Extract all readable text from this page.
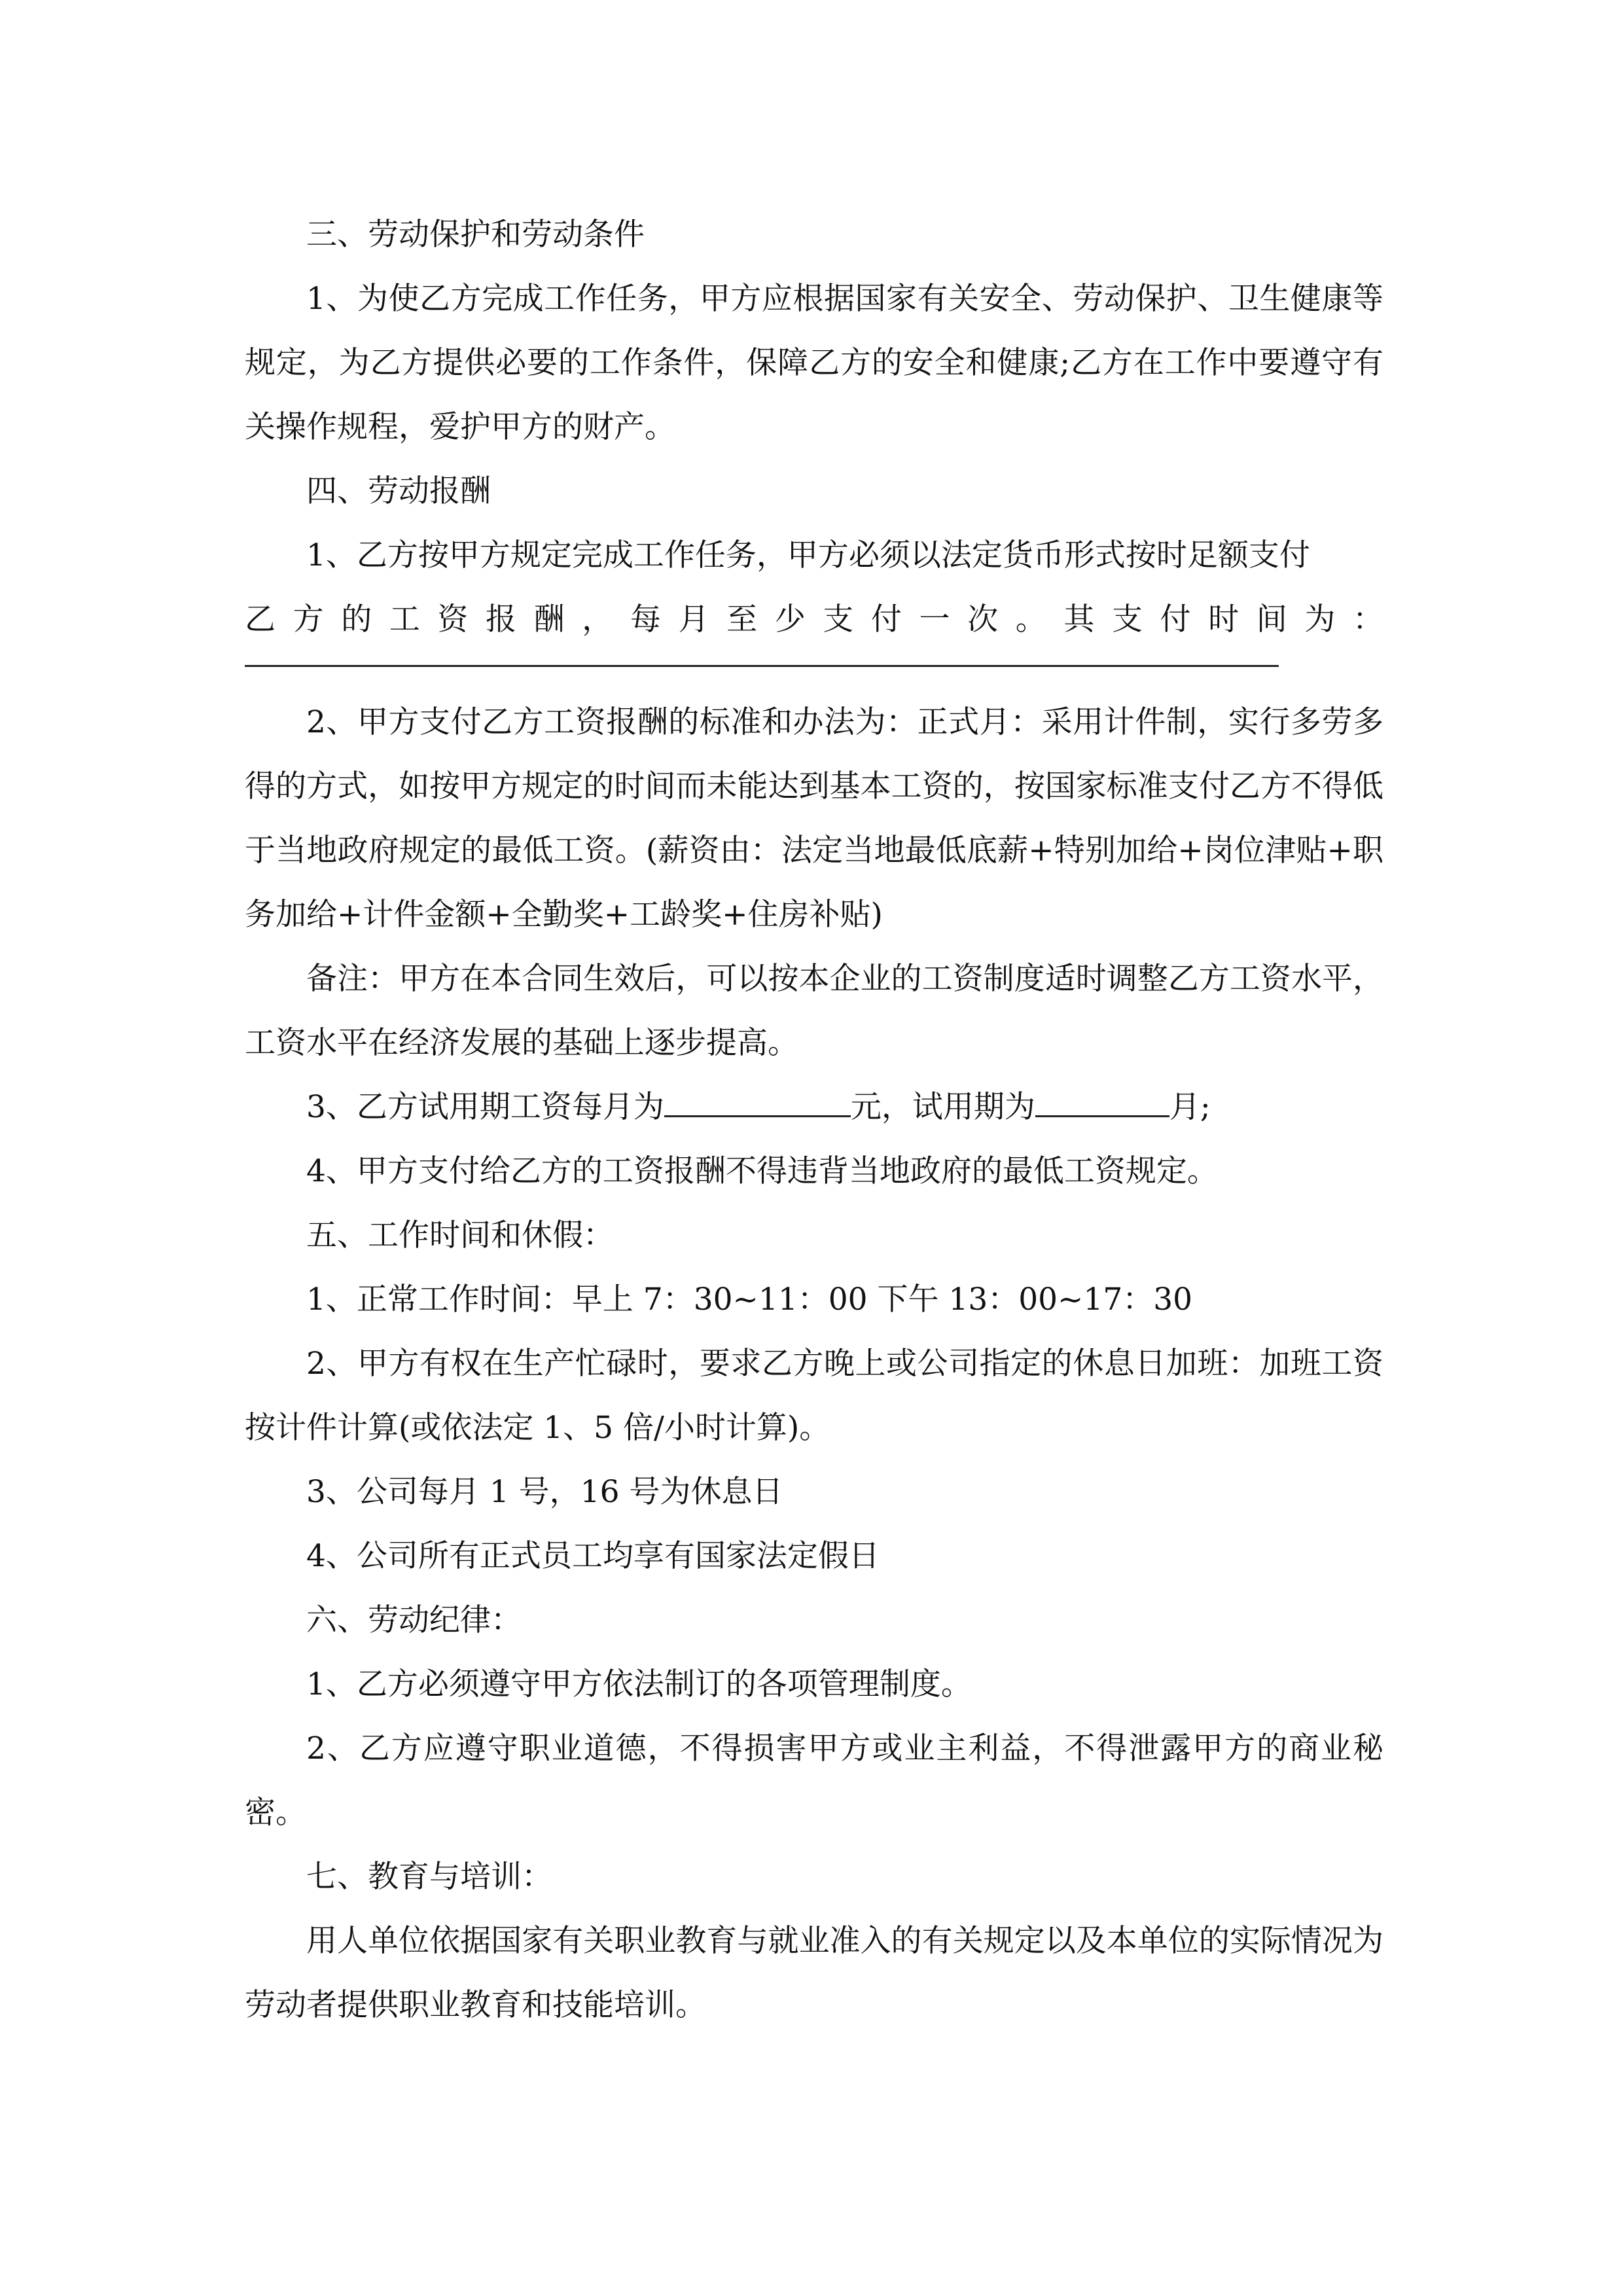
三、劳动保护和劳动条件

1、为使乙方完成工作任务，甲方应根据国家有关安全、劳动保护、卫生健康等规定，为乙方提供必要的工作条件，保障乙方的安全和健康;乙方在工作中要遵守有关操作规程，爱护甲方的财产。

四、劳动报酬

1、乙方按甲方规定完成工作任务，甲方必须以法定货币形式按时足额支付

乙 方 的 工 资 报 酬 ， 每 月 至 少 支 付 一 次 。 其 支 付 时 间 为 ：

2、甲方支付乙方工资报酬的标准和办法为：正式月：采用计件制，实行多劳多得的方式，如按甲方规定的时间而未能达到基本工资的，按国家标准支付乙方不得低于当地政府规定的最低工资。(薪资由：法定当地最低底薪+特别加给+岗位津贴+职务加给+计件金额+全勤奖+工龄奖+住房补贴)

备注：甲方在本合同生效后，可以按本企业的工资制度适时调整乙方工资水平，工资水平在经济发展的基础上逐步提高。

3、乙方试用期工资每月为	元，试用期为	月;

4、甲方支付给乙方的工资报酬不得违背当地政府的最低工资规定。

五、工作时间和休假：

1、正常工作时间：早上 7：30~11：00 下午 13：00~17：30

2、甲方有权在生产忙碌时，要求乙方晚上或公司指定的休息日加班：加班工资按计件计算(或依法定 1、5 倍/小时计算)。

3、公司每月 1 号，16 号为休息日

4、公司所有正式员工均享有国家法定假日

六、劳动纪律：

1、乙方必须遵守甲方依法制订的各项管理制度。

2、乙方应遵守职业道德，不得损害甲方或业主利益，不得泄露甲方的商业秘密。

七、教育与培训：

用人单位依据国家有关职业教育与就业准入的有关规定以及本单位的实际情况为劳动者提供职业教育和技能培训。
